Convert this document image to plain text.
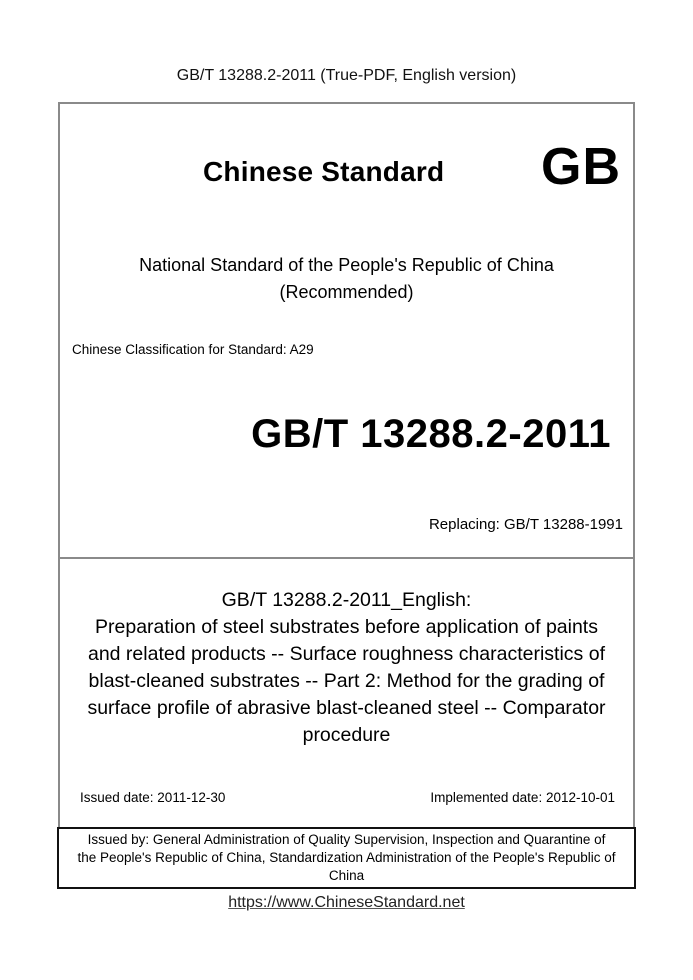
GB/T 13288.2-2011 (True-PDF, English version)
Chinese Standard GB
National Standard of the People's Republic of China
(Recommended)
Chinese Classification for Standard: A29
GB/T 13288.2-2011
Replacing: GB/T 13288-1991
GB/T 13288.2-2011_English:
Preparation of steel substrates before application of paints
and related products -- Surface roughness characteristics of
blast-cleaned substrates -- Part 2: Method for the grading of
surface profile of abrasive blast-cleaned steel -- Comparator
procedure
Issued date: 2011-12-30	Implemented date: 2012-10-01
Issued by: General Administration of Quality Supervision, Inspection and Quarantine of
the People's Republic of China, Standardization Administration of the People's Republic of
China
https://www.ChineseStandard.net
